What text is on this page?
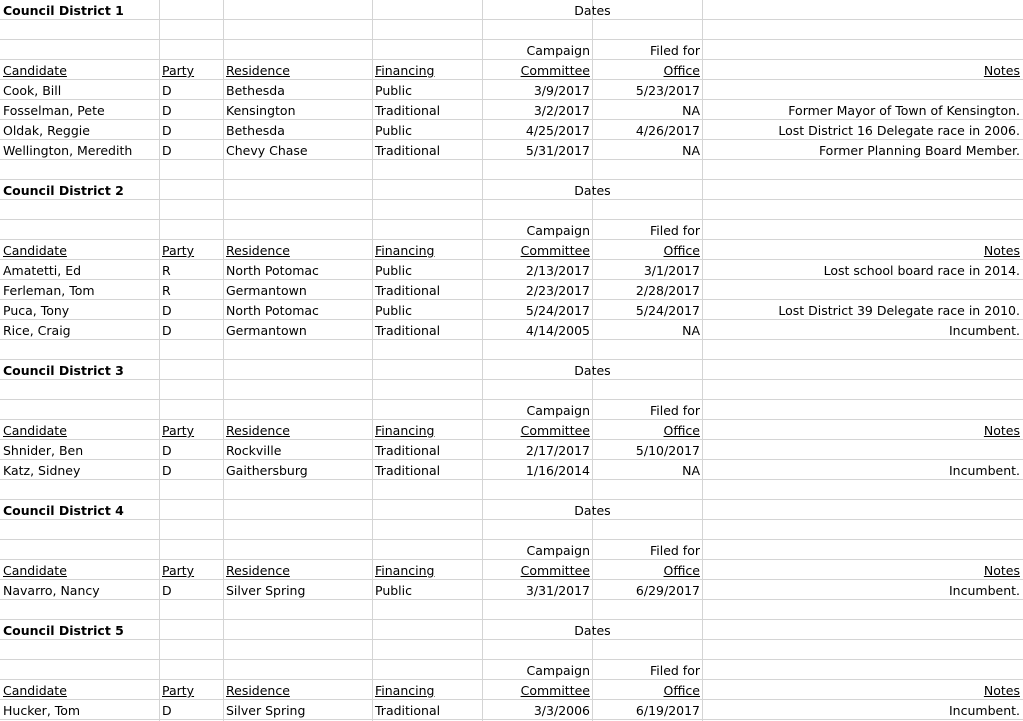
Council District 1	Dates
Campaign	Filed for
Candidate	Party	Residence	Financing	Committee	Office	Notes
Cook, Bill	D	Bethesda	Public	3/9/2017	5/23/2017
Fosselman, Pete	D	Kensington	Traditional	3/2/2017	NA	Former Mayor of Town of Kensington.
Oldak, Reggie	D	Bethesda	Public	4/25/2017	4/26/2017	Lost District 16 Delegate race in 2006.
Wellington, Meredith	D	Chevy Chase	Traditional	5/31/2017	NA	Former Planning Board Member.
Council District 2	Dates
Campaign	Filed for
Candidate	Party	Residence	Financing	Committee	Office	Notes
Amatetti, Ed	R	North Potomac	Public	2/13/2017	3/1/2017	Lost school board race in 2014.
Ferleman, Tom	R	Germantown	Traditional	2/23/2017	2/28/2017
Puca, Tony	D	North Potomac	Public	5/24/2017	5/24/2017	Lost District 39 Delegate race in 2010.
Rice, Craig	D	Germantown	Traditional	4/14/2005	NA	Incumbent.
Council District 3	Dates
Campaign	Filed for
Candidate	Party	Residence	Financing	Committee	Office	Notes
Shnider, Ben	D	Rockville	Traditional	2/17/2017	5/10/2017
Katz, Sidney	D	Gaithersburg	Traditional	1/16/2014	NA	Incumbent.
Council District 4	Dates
Campaign	Filed for
Candidate	Party	Residence	Financing	Committee	Office	Notes
Navarro, Nancy	D	Silver Spring	Public	3/31/2017	6/29/2017	Incumbent.
Council District 5	Dates
Campaign	Filed for
Candidate	Party	Residence	Financing	Committee	Office	Notes
Hucker, Tom	D	Silver Spring	Traditional	3/3/2006	6/19/2017	Incumbent.
